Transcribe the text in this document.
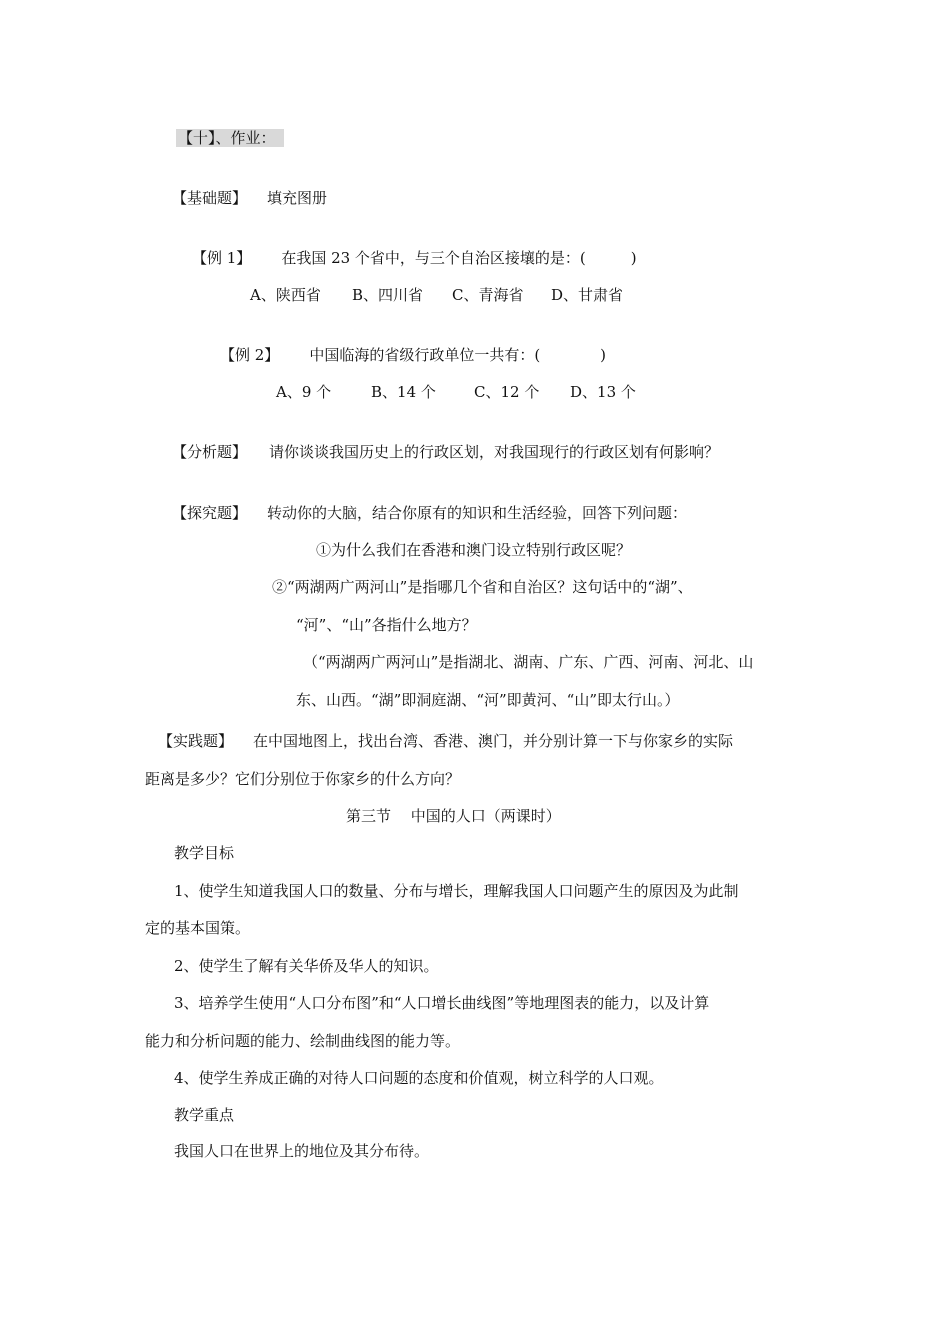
【十】、作业：
【基础题】 填充图册
【例 1】 在我国 23 个省中，与三个自治区接壤的是：(　　　)
A、陕西省 B、四川省 C、青海省 D、甘肃省
【例 2】 中国临海的省级行政单位一共有：(　　　　)
A、9 个	B、14 个	C、12 个 D、13 个
【分析题】 请你谈谈我国历史上的行政区划，对我国现行的行政区划有何影响？
【探究题】 转动你的大脑，结合你原有的知识和生活经验，回答下列问题：
①为什么我们在香港和澳门设立特别行政区呢？
②“两湖两广两河山”是指哪几个省和自治区？这句话中的“湖”、
“河”、“山”各指什么地方？
（“两湖两广两河山”是指湖北、湖南、广东、广西、河南、河北、山
东、山西。“湖”即洞庭湖、“河”即黄河、“山”即太行山。）
【实践题】 在中国地图上，找出台湾、香港、澳门，并分别计算一下与你家乡的实际
距离是多少？它们分别位于你家乡的什么方向？
第三节　 中国的人口（两课时）
教学目标
1、使学生知道我国人口的数量、分布与增长，理解我国人口问题产生的原因及为此制
定的基本国策。
2、使学生了解有关华侨及华人的知识。
3、培养学生使用“人口分布图”和“人口增长曲线图”等地理图表的能力，以及计算
能力和分析问题的能力、绘制曲线图的能力等。
4、使学生养成正确的对待人口问题的态度和价值观，树立科学的人口观。
教学重点
我国人口在世界上的地位及其分布待。
